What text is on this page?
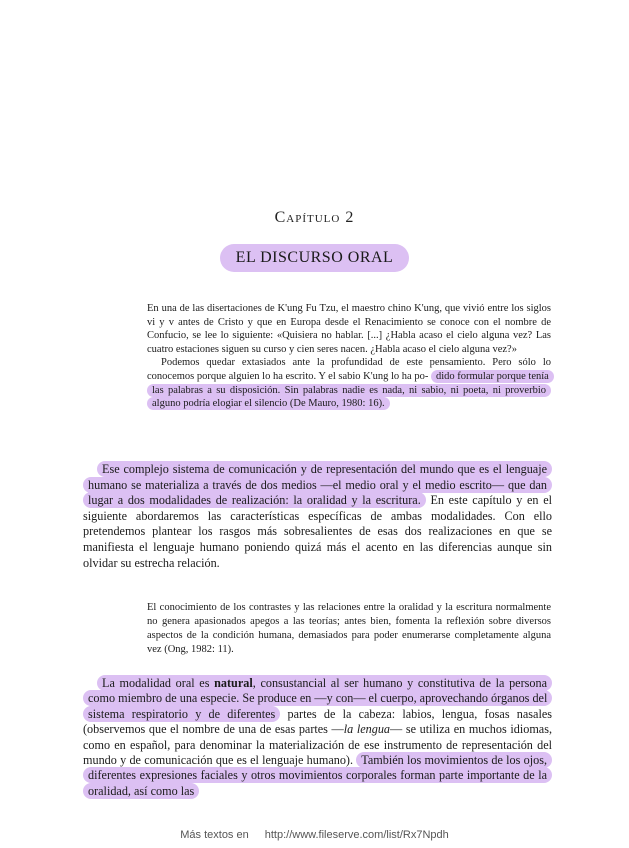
Capítulo 2
EL DISCURSO ORAL

En una de las disertaciones de K'ung Fu Tzu, el maestro chino K'ung, que vivió entre los siglos vi y v antes de Cristo y que en Europa desde el Renacimiento se conoce con el nombre de Confucio, se lee lo siguiente: «Quisiera no hablar. [...] ¿Habla acaso el cielo alguna vez? Las cuatro estaciones siguen su curso y cien seres nacen. ¿Habla acaso el cielo alguna vez?»

Podemos quedar extasiados ante la profundidad de este pensamiento. Pero sólo lo conocemos porque alguien lo ha escrito. Y el sabio K'ung lo ha po- dido formular porque tenía las palabras a su disposición. Sin palabras nadie es nada, ni sabio, ni poeta, ni proverbio alguno podría elogiar el silencio (De Mauro, 1980: 16).

Ese complejo sistema de comunicación y de representación del mundo que es el lenguaje humano se materializa a través de dos medios —el medio oral y el medio escrito— que dan lugar a dos modalidades de realización: la oralidad y la escritura. En este capítulo y en el siguiente abordaremos las características específicas de ambas modalidades. Con ello pretendemos plantear los rasgos más sobresalientes de esas dos realizaciones en que se manifiesta el lenguaje humano poniendo quizá más el acento en las diferencias aunque sin olvidar su estrecha relación.

El conocimiento de los contrastes y las relaciones entre la oralidad y la escritura normalmente no genera apasionados apegos a las teorías; antes bien, fomenta la reflexión sobre diversos aspectos de la condición humana, demasiados para poder enumerarse completamente alguna vez (Ong, 1982: 11).

La modalidad oral es natural, consustancial al ser humano y constitutiva de la persona como miembro de una especie. Se produce en —y con— el cuerpo, aprovechando órganos del sistema respiratorio y de diferentes partes de la cabeza: labios, lengua, fosas nasales (observemos que el nombre de una de esas partes —la lengua— se utiliza en muchos idiomas, como en español, para denominar la materialización de ese instrumento de representación del mundo y de comunicación que es el lenguaje humano). También los movimientos de los ojos, diferentes expresiones faciales y otros movimientos corporales forman parte importante de la oralidad, así como las

Más textos en http://www.fileserve.com/list/Rx7Npdh
